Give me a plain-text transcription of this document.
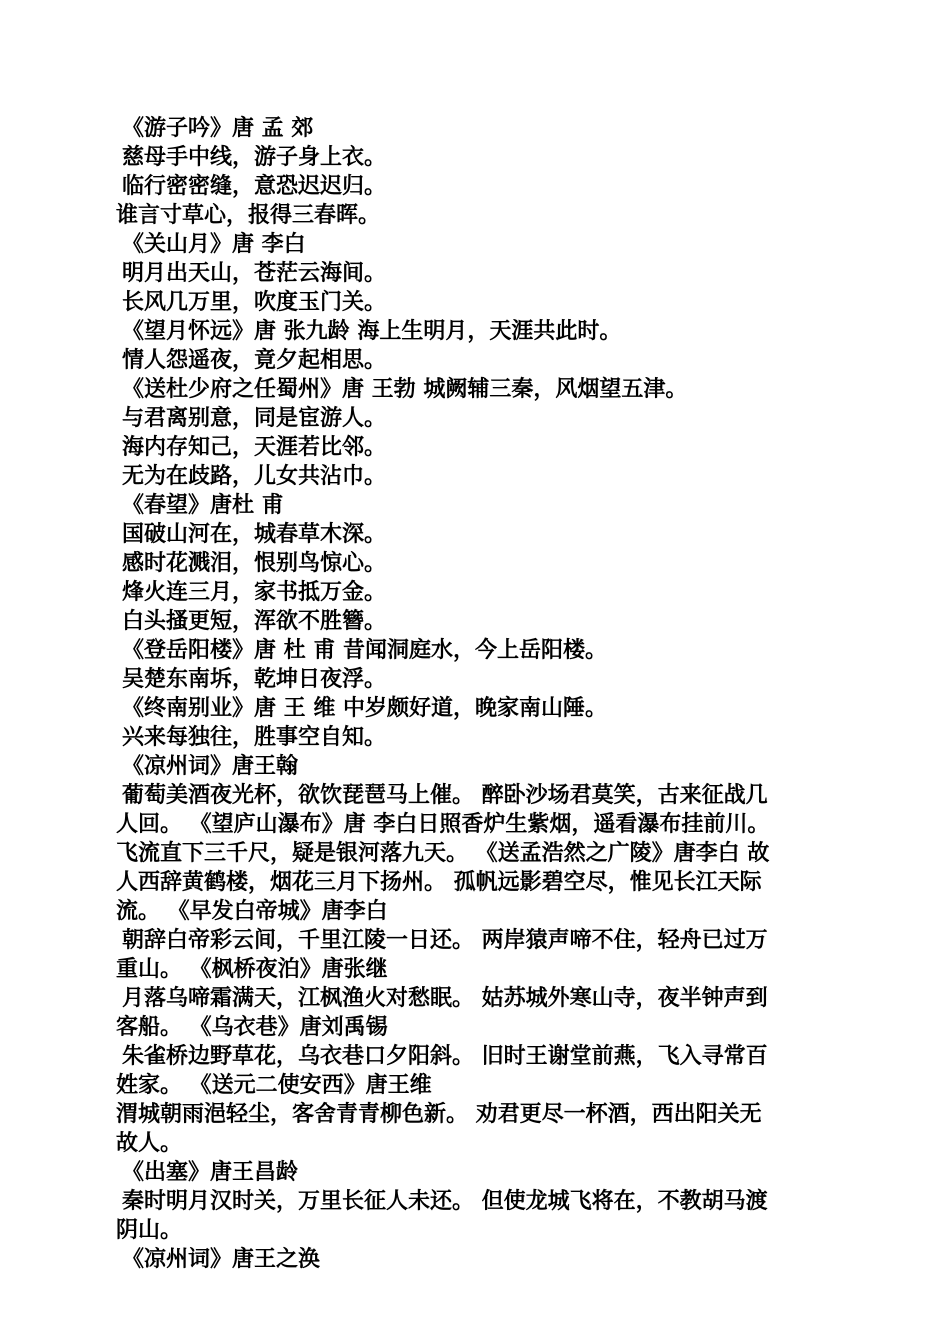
《游子吟》唐 孟 郊
慈母手中线，游子身上衣。
临行密密缝，意恐迟迟归。
谁言寸草心，报得三春晖。
《关山月》唐 李白
明月出天山，苍茫云海间。
长风几万里，吹度玉门关。
《望月怀远》唐 张九龄 海上生明月，天涯共此时。
情人怨遥夜，竟夕起相思。
《送杜少府之任蜀州》唐 王勃 城阙辅三秦，风烟望五津。
与君离别意，同是宦游人。
海内存知己，天涯若比邻。
无为在歧路，儿女共沾巾。
《春望》唐杜 甫
国破山河在，城春草木深。
感时花溅泪，恨别鸟惊心。
烽火连三月，家书抵万金。
白头搔更短，浑欲不胜簪。
《登岳阳楼》唐 杜 甫 昔闻洞庭水，今上岳阳楼。
吴楚东南坼，乾坤日夜浮。
《终南别业》唐 王 维 中岁颇好道，晚家南山陲。
兴来每独往，胜事空自知。
《凉州词》唐王翰
葡萄美酒夜光杯，欲饮琵琶马上催。 醉卧沙场君莫笑，古来征战几
人回。 《望庐山瀑布》唐 李白日照香炉生紫烟，遥看瀑布挂前川。
飞流直下三千尺，疑是银河落九天。 《送孟浩然之广陵》唐李白 故
人西辞黄鹤楼，烟花三月下扬州。 孤帆远影碧空尽，惟见长江天际
流。 《早发白帝城》唐李白
朝辞白帝彩云间，千里江陵一日还。 两岸猿声啼不住，轻舟已过万
重山。 《枫桥夜泊》唐张继
月落乌啼霜满天，江枫渔火对愁眠。 姑苏城外寒山寺，夜半钟声到
客船。 《乌衣巷》唐刘禹锡
朱雀桥边野草花，乌衣巷口夕阳斜。 旧时王谢堂前燕，飞入寻常百
姓家。 《送元二使安西》唐王维
渭城朝雨浥轻尘，客舍青青柳色新。 劝君更尽一杯酒，西出阳关无
故人。
《出塞》唐王昌龄
秦时明月汉时关，万里长征人未还。 但使龙城飞将在，不教胡马渡
阴山。
《凉州词》唐王之涣
